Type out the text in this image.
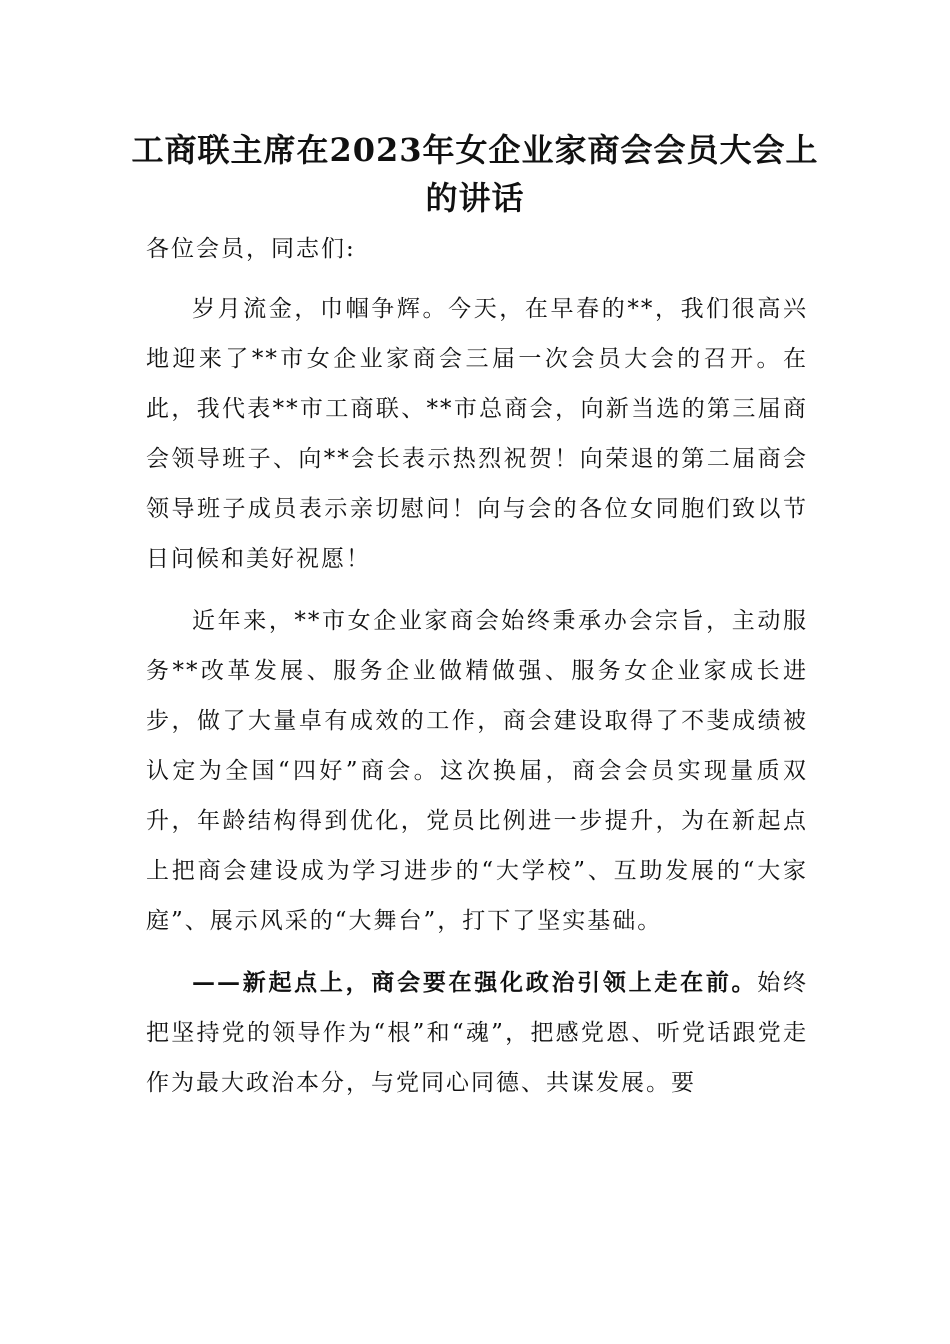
工商联主席在2023年女企业家商会会员大会上的讲话

各位会员，同志们:

岁月流金，巾帼争辉。今天，在早春的**，我们很高兴地迎来了**市女企业家商会三届一次会员大会的召开。在此，我代表**市工商联、**市总商会，向新当选的第三届商会领导班子、向**会长表示热烈祝贺！向荣退的第二届商会领导班子成员表示亲切慰问！向与会的各位女同胞们致以节日问候和美好祝愿！

近年来，**市女企业家商会始终秉承办会宗旨，主动服务**改革发展、服务企业做精做强、服务女企业家成长进步，做了大量卓有成效的工作，商会建设取得了不斐成绩被认定为全国“四好”商会。这次换届，商会会员实现量质双升，年龄结构得到优化，党员比例进一步提升，为在新起点上把商会建设成为学习进步的“大学校”、互助发展的“大家庭”、展示风采的“大舞台”，打下了坚实基础。

——新起点上，商会要在强化政治引领上走在前。始终把坚持党的领导作为“根”和“魂”，把感党恩、听党话跟党走作为最大政治本分，与党同心同德、共谋发展。要
